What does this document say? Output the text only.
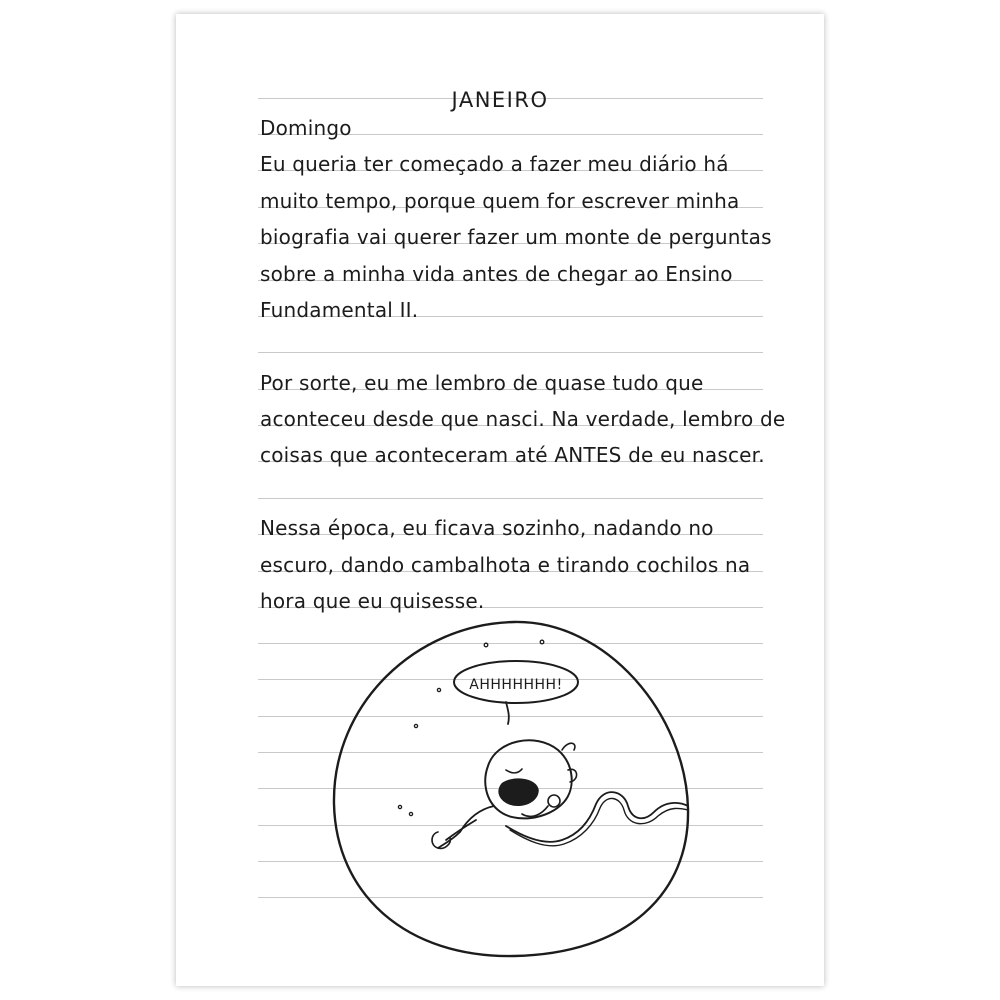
JANEIRO
Domingo
Eu queria ter começado a fazer meu diário há
muito tempo, porque quem for escrever minha
biografia vai querer fazer um monte de perguntas
sobre a minha vida antes de chegar ao Ensino
Fundamental II.
Por sorte, eu me lembro de quase tudo que
aconteceu desde que nasci. Na verdade, lembro de
coisas que aconteceram até ANTES de eu nascer.
Nessa época, eu ficava sozinho, nadando no
escuro, dando cambalhota e tirando cochilos na
hora que eu quisesse.
AHHHHHHH!
